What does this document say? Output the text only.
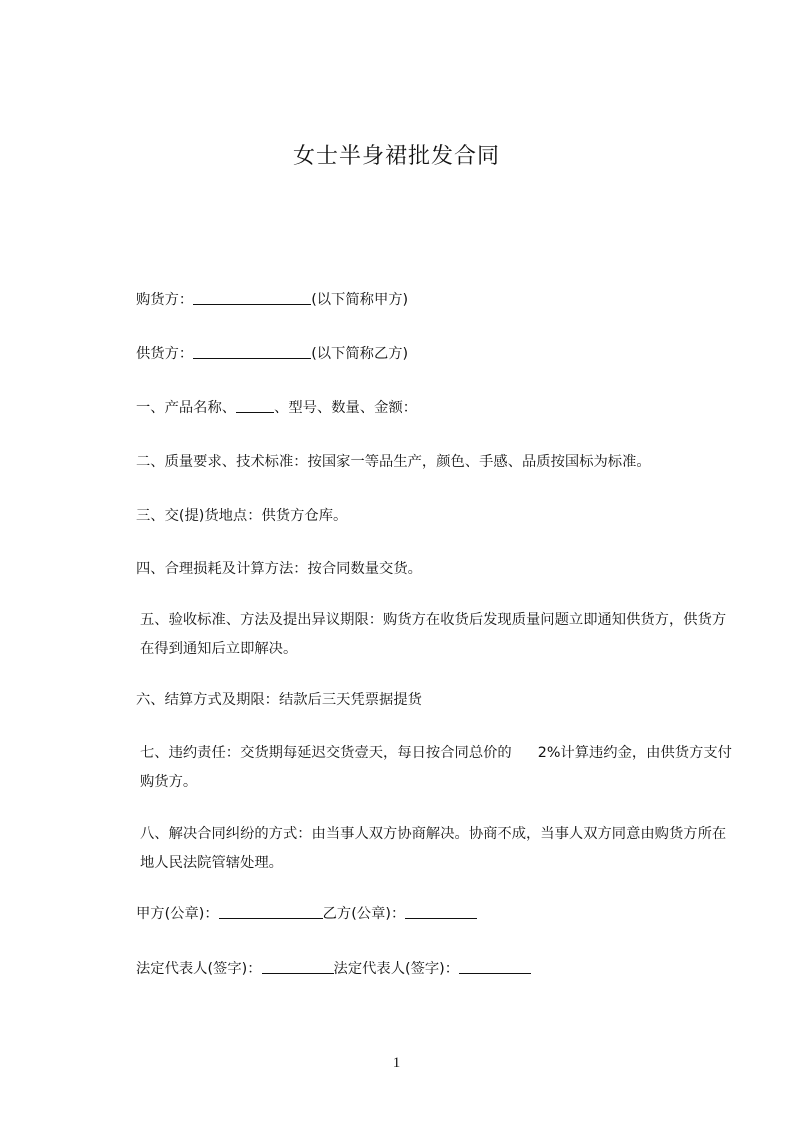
女士半身裙批发合同
购货方：	(以下简称甲方)
供货方：	(以下简称乙方)
一、产品名称、	、型号、数量、金额：
二、质量要求、技术标准：按国家一等品生产，颜色、手感、品质按国标为标准。
三、交(提)货地点：供货方仓库。
四、合理损耗及计算方法：按合同数量交货。
五、验收标准、方法及提出异议期限：购货方在收货后发现质量问题立即通知供货方，供货方在得到通知后立即解决。
六、结算方式及期限：结款后三天凭票据提货
七、违约责任：交货期每延迟交货壹天，每日按合同总价的 2%计算违约金，由供货方支付购货方。
八、解决合同纠纷的方式：由当事人双方协商解决。协商不成，当事人双方同意由购货方所在地人民法院管辖处理。
甲方(公章)：	乙方(公章)：
法定代表人(签字)：	法定代表人(签字)：
1
